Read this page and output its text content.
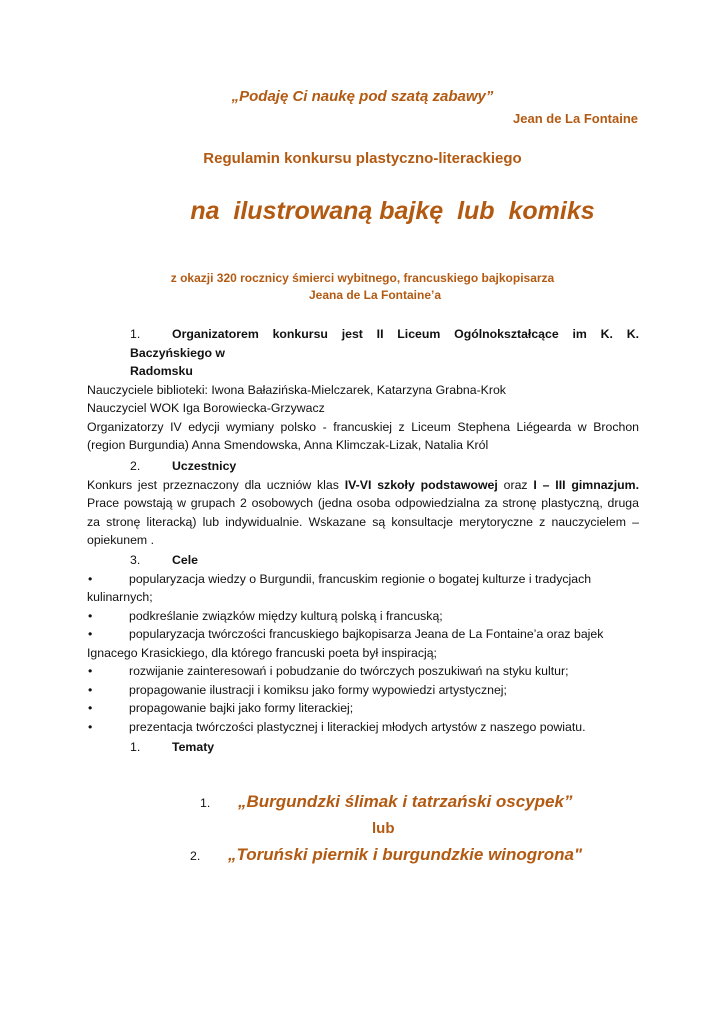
„Podaję Ci naukę pod szatą zabawy”
Jean de La Fontaine
Regulamin konkursu plastyczno-literackiego
na  ilustrowaną bajkę  lub  komiks
z okazji 320 rocznicy śmierci wybitnego, francuskiego bajkopisarza
Jeana de La Fontaine’a
1.	Organizatorem konkursu jest II Liceum Ogólnokształcące im K. K. Baczyńskiego w
Radomsku
Nauczyciele biblioteki: Iwona Bałazińska-Mielczarek, Katarzyna Grabna-Krok
Nauczyciel WOK Iga Borowiecka-Grzywacz
Organizatorzy IV edycji wymiany polsko - francuskiej z Liceum Stephena Liégearda w Brochon (region Burgundia) Anna Smendowska, Anna Klimczak-Lizak, Natalia Król
2.	Uczestnicy
Konkurs jest przeznaczony dla uczniów klas IV-VI szkoły podstawowej oraz I – III gimnazjum. Prace powstają w grupach 2 osobowych (jedna osoba odpowiedzialna za stronę plastyczną, druga za stronę literacką) lub indywidualnie. Wskazane są konsultacje merytoryczne z nauczycielem – opiekunem .
3.	Cele
•	popularyzacja wiedzy o Burgundii, francuskim regionie o bogatej kulturze i tradycjach
kulinarnych;
•	podkreślanie związków między kulturą polską i francuską;
•	popularyzacja twórczości francuskiego bajkopisarza Jeana de La Fontaine’a oraz bajek
Ignacego Krasickiego, dla którego francuski poeta był inspiracją;
•	rozwijanie zainteresowań i pobudzanie do twórczych poszukiwań na styku kultur;
•	propagowanie ilustracji i komiksu jako formy wypowiedzi artystycznej;
•	propagowanie bajki jako formy literackiej;
•	prezentacja twórczości plastycznej i literackiej młodych artystów z naszego powiatu.
1.	Tematy
1. „Burgundzki ślimak i tatrzański oscypek”
lub
2. „Toruński piernik i burgundzkie winogrona"
